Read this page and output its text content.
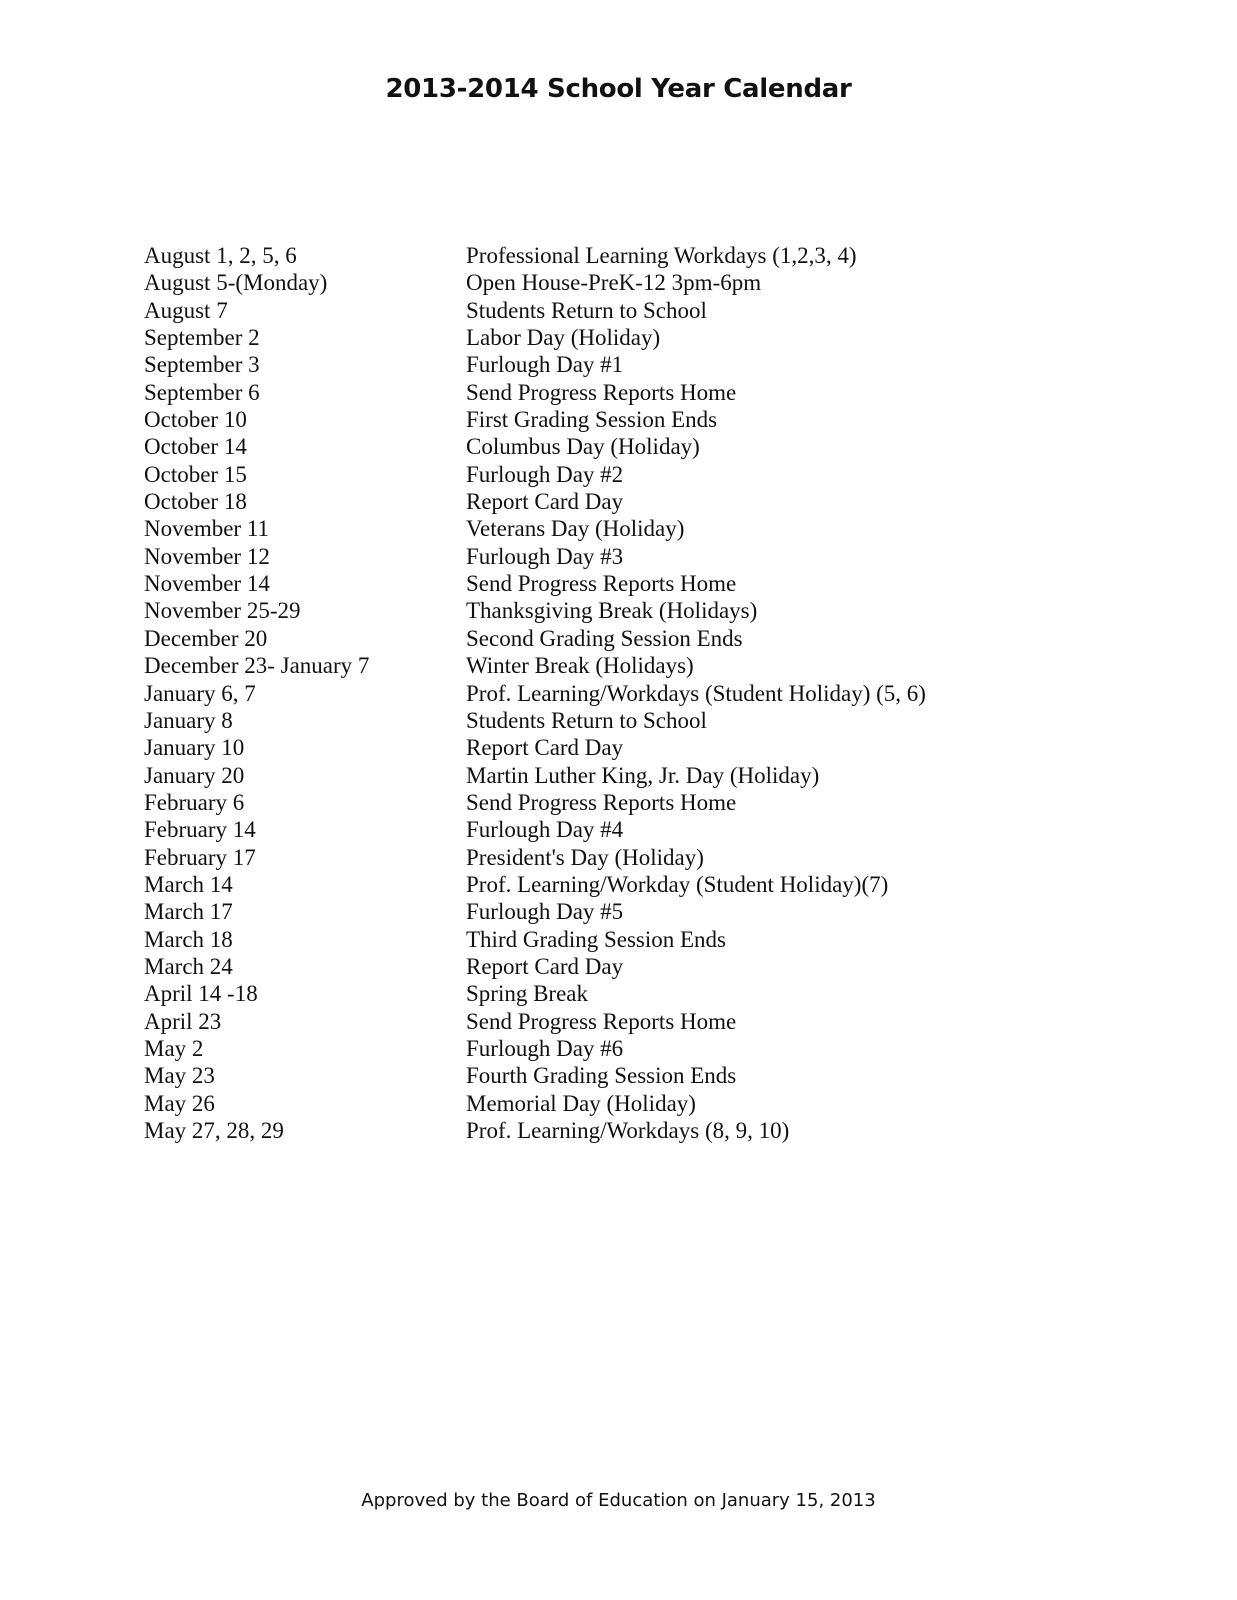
2013-2014 School Year Calendar
August 1, 2, 5, 6	Professional Learning Workdays (1,2,3, 4)
August 5-(Monday)	Open House-PreK-12 3pm-6pm
August 7	Students Return to School
September 2	Labor Day (Holiday)
September 3	Furlough Day #1
September 6	Send Progress Reports Home
October 10	First Grading Session Ends
October 14	Columbus Day (Holiday)
October 15	Furlough Day #2
October 18	Report Card Day
November 11	Veterans Day (Holiday)
November 12	Furlough Day #3
November 14	Send Progress Reports Home
November 25-29	Thanksgiving Break (Holidays)
December 20	Second Grading Session Ends
December 23- January 7	Winter Break (Holidays)
January 6, 7	Prof. Learning/Workdays (Student Holiday) (5, 6)
January 8	Students Return to School
January 10	Report Card Day
January 20	Martin Luther King, Jr. Day (Holiday)
February 6	Send Progress Reports Home
February 14	Furlough Day #4
February 17	President's Day (Holiday)
March 14	Prof. Learning/Workday (Student Holiday)(7)
March 17	Furlough Day #5
March 18	Third Grading Session Ends
March 24	Report Card Day
April 14 -18	Spring Break
April 23	Send Progress Reports Home
May 2	Furlough Day #6
May 23	Fourth Grading Session Ends
May 26	Memorial Day (Holiday)
May 27, 28, 29	Prof. Learning/Workdays (8, 9, 10)

Approved by the Board of Education on January 15, 2013
